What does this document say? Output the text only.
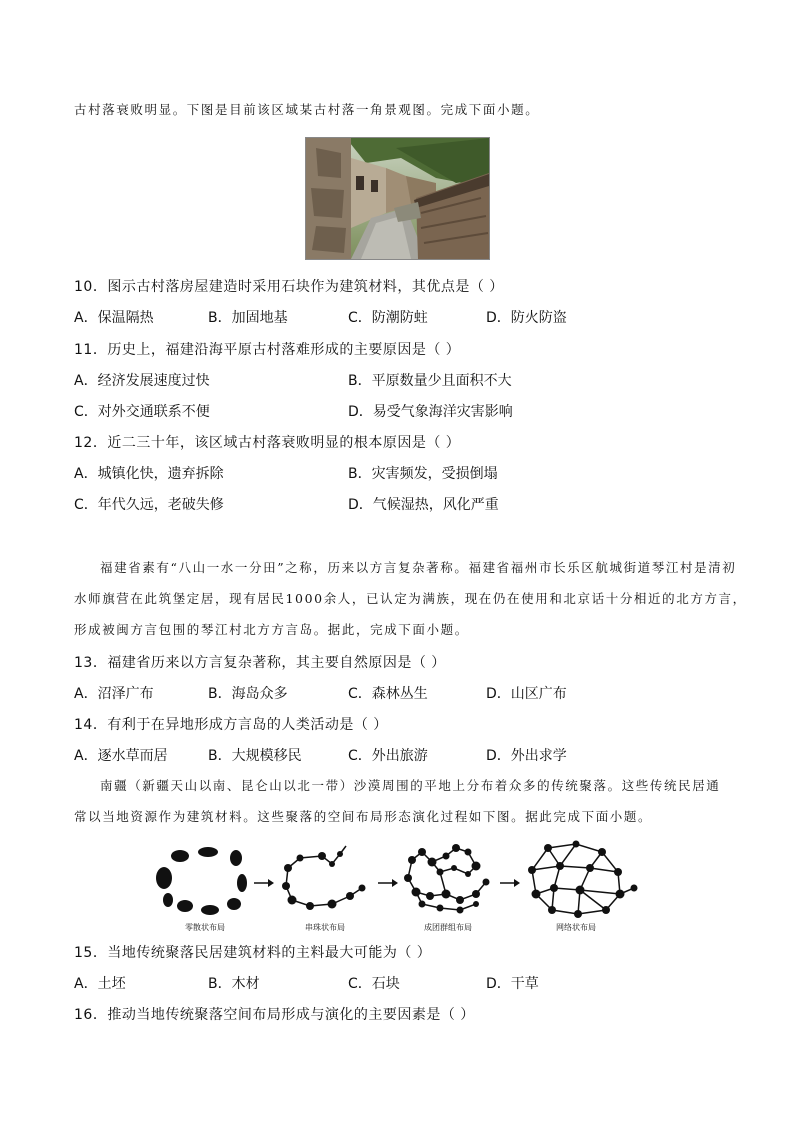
古村落衰败明显。下图是目前该区域某古村落一角景观图。完成下面小题。
10．图示古村落房屋建造时采用石块作为建筑材料，其优点是（ ）
A．保温隔热	B．加固地基	C．防潮防蛀	D．防火防盗
11．历史上，福建沿海平原古村落难形成的主要原因是（ ）
A．经济发展速度过快	B．平原数量少且面积不大
C．对外交通联系不便	D．易受气象海洋灾害影响
12．近二三十年，该区域古村落衰败明显的根本原因是（ ）
A．城镇化快，遗弃拆除	B．灾害频发，受损倒塌
C．年代久远，老破失修	D．气候湿热，风化严重
福建省素有“八山一水一分田”之称，历来以方言复杂著称。福建省福州市长乐区航城街道琴江村是清初
水师旗营在此筑堡定居，现有居民1000余人，已认定为满族，现在仍在使用和北京话十分相近的北方方言，
形成被闽方言包围的琴江村北方方言岛。据此，完成下面小题。
13．福建省历来以方言复杂著称，其主要自然原因是（ ）
A．沼泽广布	B．海岛众多	C．森林丛生	D．山区广布
14．有利于在异地形成方言岛的人类活动是（ ）
A．逐水草而居	B．大规模移民	C．外出旅游	D．外出求学
南疆（新疆天山以南、昆仑山以北一带）沙漠周围的平地上分布着众多的传统聚落。这些传统民居通
常以当地资源作为建筑材料。这些聚落的空间布局形态演化过程如下图。据此完成下面小题。
零散状布局	串珠状布局	成团群组布局	网络状布局
15．当地传统聚落民居建筑材料的主料最大可能为（ ）
A．土坯	B．木材	C．石块	D．干草
16．推动当地传统聚落空间布局形成与演化的主要因素是（ ）
